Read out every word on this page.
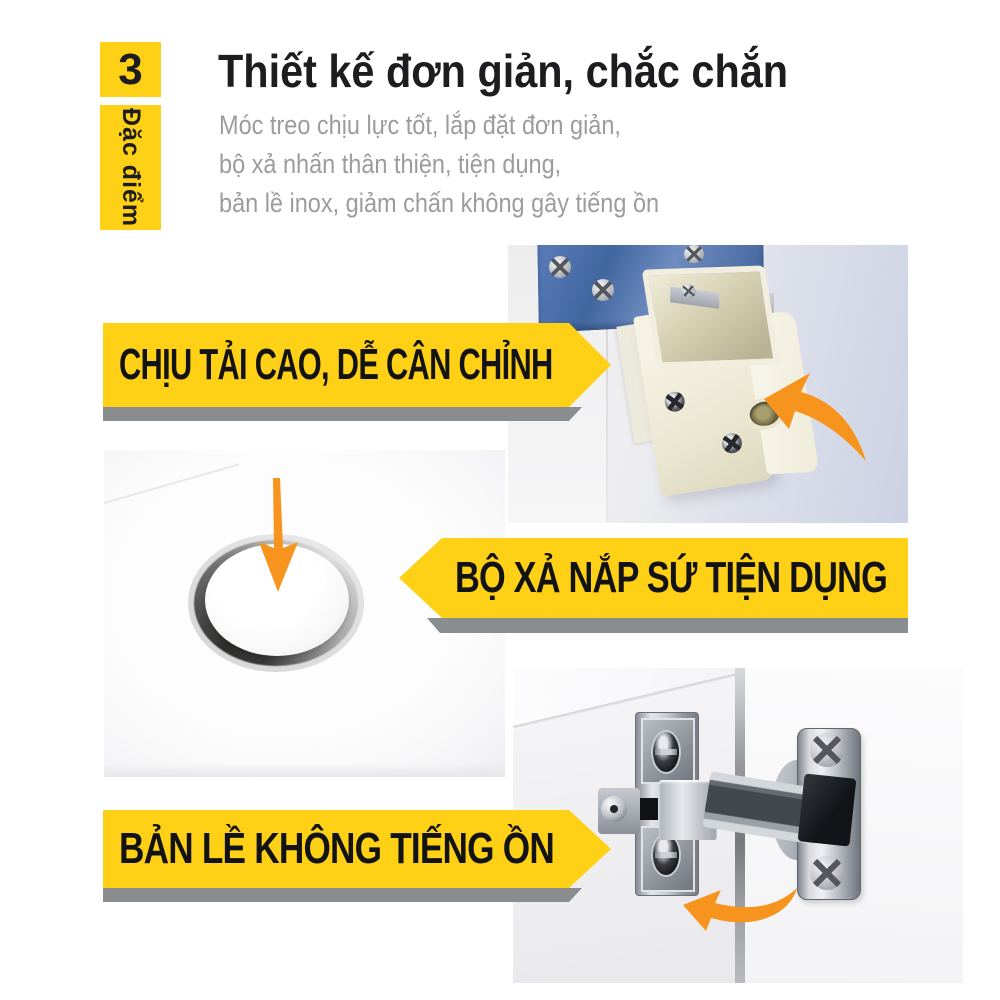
3
Đặc điểm
Thiết kế đơn giản, chắc chắn
Móc treo chịu lực tốt, lắp đặt đơn giản,
bộ xả nhấn thân thiện, tiện dụng,
bản lề inox, giảm chấn không gây tiếng ồn
CHỊU TẢI CAO, DỄ CÂN CHỈNH
BỘ XẢ NẮP SỨ TIỆN DỤNG
BẢN LỀ KHÔNG TIẾNG ỒN
